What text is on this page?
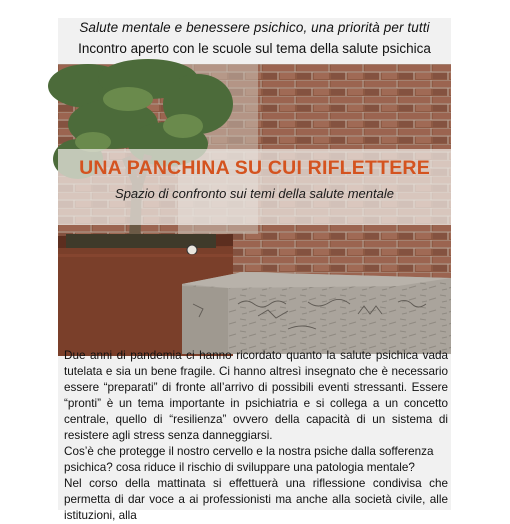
Salute mentale e benessere psichico, una priorità per tutti
Incontro aperto con le scuole sul tema della salute psichica
UNA PANCHINA SU CUI RIFLETTERE
Spazio di confronto sui temi della salute mentale

Due anni di pandemia ci hanno ricordato quanto la salute psichica vada tutelata e sia un bene fragile. Ci hanno altresì insegnato che è necessario essere “preparati” di fronte all’arrivo di possibili eventi stressanti. Essere “pronti” è un tema importante in psichiatria e si collega a un concetto centrale, quello di “resilienza” ovvero della capacità di un sistema di resistere agli stress senza danneggiarsi.

Cos’è che protegge il nostro cervello e la nostra psiche dalla sofferenza psichica? cosa riduce il rischio di sviluppare una patologia mentale?

Nel corso della mattinata si effettuerà una riflessione condivisa che permetta di dar voce a ai professionisti ma anche alla società civile, alle istituzioni, alla
